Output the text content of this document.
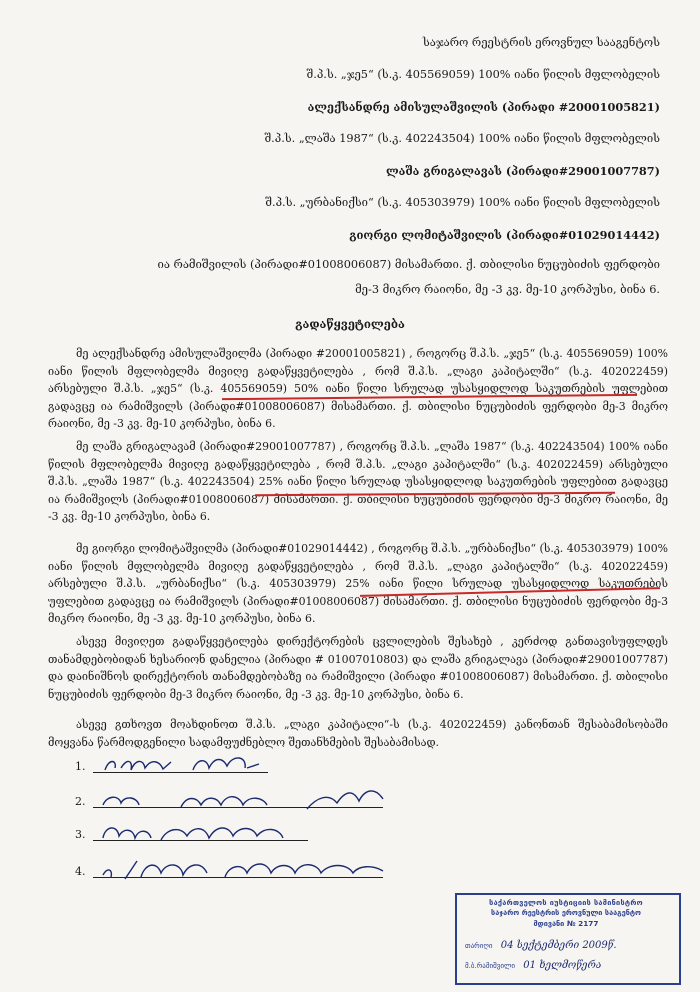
საჯარო რეესტრის ეროვნულ სააგენტოს
შ.პ.ს. „ჯე5“ (ს.კ. 405569059) 100% იანი წილის მფლობელის
ალექსანდრე ამისულაშვილის (პირადი #20001005821)
შ.პ.ს. „ლაშა 1987“ (ს.კ. 402243504) 100% იანი წილის მფლობელის
ლაშა გრიგალავას (პირადი#29001007787)
შ.პ.ს. „ურბანიქსი“ (ს.კ. 405303979) 100% იანი წილის მფლობელის
გიორგი ლომიტაშვილის (პირადი#01029014442)
ია რამიშვილის (პირადი#01008006087) მისამართი. ქ. თბილისი ნუცუბიძის ფერდობი
მე-3 მიკრო რაიონი, მე -3 კვ. მე-10 კორპუსი, ბინა 6.
გადაწყვეტილება

მე ალექსანდრე ამისულაშვილმა (პირადი #20001005821) , როგორც შ.პ.ს. „ჯე5“ (ს.კ. 405569059) 100% იანი წილის მფლობელმა მივიღე გადაწყვეტილება , რომ შ.პ.ს. „ლაგი კაპიტალში“ (ს.კ. 402022459) არსებული შ.პ.ს. „ჯე5“ (ს.კ. 405569059) 50% იანი წილი სრულად უსასყიდლოდ საკუთრების უფლებით გადავცე ია რამიშვილს (პირადი#01008006087) მისამართი. ქ. თბილისი ნუცუბიძის ფერდობი მე-3 მიკრო რაიონი, მე -3 კვ. მე-10 კორპუსი, ბინა 6.

მე ლაშა გრიგალავამ (პირადი#29001007787) , როგორც შ.პ.ს. „ლაშა 1987“ (ს.კ. 402243504) 100% იანი წილის მფლობელმა მივიღე გადაწყვეტილება , რომ შ.პ.ს. „ლაგი კაპიტალში“ (ს.კ. 402022459) არსებული შ.პ.ს. „ლაშა 1987“ (ს.კ. 402243504) 25% იანი წილი სრულად უსასყიდლოდ საკუთრების უფლებით გადავცე ია რამიშვილს (პირადი#01008006087) მისამართი. ქ. თბილისი ნუცუბიძის ფერდობი მე-3 მიკრო რაიონი, მე -3 კვ. მე-10 კორპუსი, ბინა 6.

მე გიორგი ლომიტაშვილმა (პირადი#01029014442) , როგორც შ.პ.ს. „ურბანიქსი“ (ს.კ. 405303979) 100% იანი წილის მფლობელმა მივიღე გადაწყვეტილება , რომ შ.პ.ს. „ლაგი კაპიტალში“ (ს.კ. 402022459) არსებული შ.პ.ს. „ურბანიქსი“ (ს.კ. 405303979) 25% იანი წილი სრულად უსასყიდლოდ საკუთრების უფლებით გადავცე ია რამიშვილს (პირადი#01008006087) მისამართი. ქ. თბილისი ნუცუბიძის ფერდობი მე-3 მიკრო რაიონი, მე -3 კვ. მე-10 კორპუსი, ბინა 6.

ასევე მივიღეთ გადაწყვეტილება დირექტორების ცვლილების შესახებ , კერძოდ განთავისუფლდეს თანამდებობიდან ხესარიონ დანელია (პირადი # 01007010803) და ლაშა გრიგალავა (პირადი#29001007787) და დაინიშნოს დირექტორის თანამდებობაზე ია რამიშვილი (პირადი #01008006087) მისამართი. ქ. თბილისი ნუცუბიძის ფერდობი მე-3 მიკრო რაიონი, მე -3 კვ. მე-10 კორპუსი, ბინა 6.

ასევე გთხოვთ მოახდინოთ შ.პ.ს. „ლაგი კაპიტალი“-ს (ს.კ. 402022459) კანონთან შესაბამისობაში მოყვანა წარმოდგენილი სადამფუძნებლო შეთანხმების შესაბამისად.

1.
2.
3.
4.
საქართველოს იუსტიციის სამინისტრო
საჯარო რეესტრის ეროვნული სააგენტო
მდივანი № 2177
თარიღი 04 სექტემბერი 2009წ.
მ.ბ.რამიშვილი 01 ხელმოწერა
